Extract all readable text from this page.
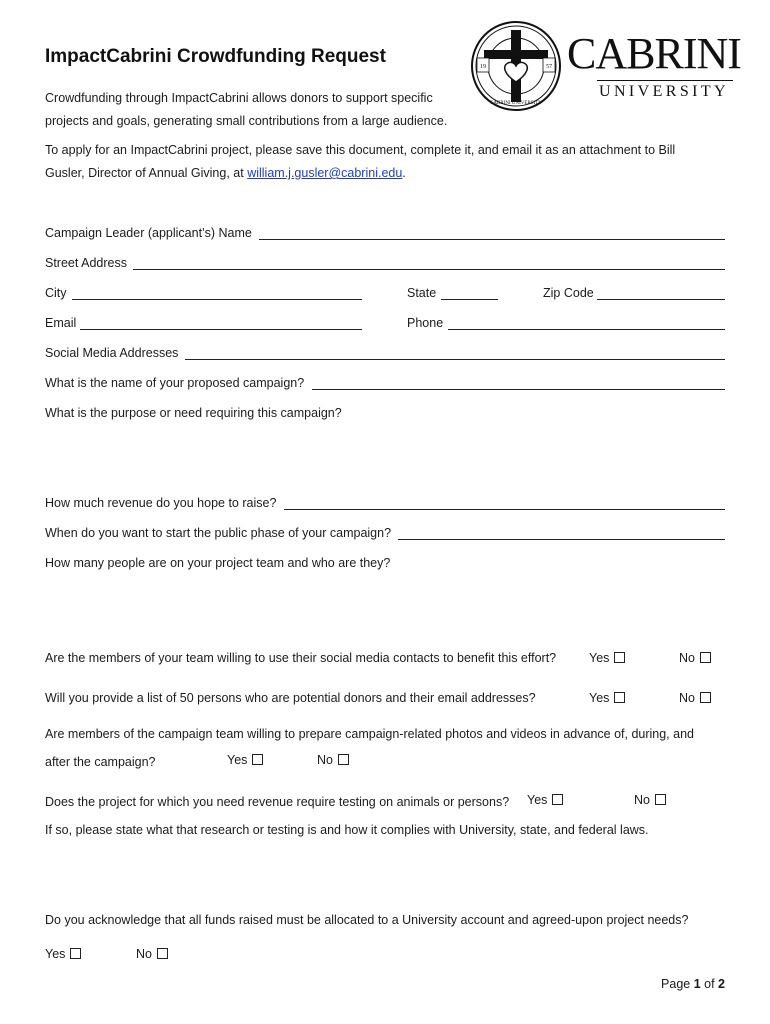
ImpactCabrini Crowdfunding Request	19	57
CABRINI UNIVERSITY
CABRINI
UNIVERSITY
Crowdfunding through ImpactCabrini allows donors to support specific
projects and goals, generating small contributions from a large audience.
To apply for an ImpactCabrini project, please save this document, complete it, and email it as an attachment to Bill
Gusler, Director of Annual Giving, at william.j.gusler@cabrini.edu.
Campaign Leader (applicant’s) Name
Street Address
City	State	Zip Code
Email	Phone
Social Media Addresses
What is the name of your proposed campaign?
What is the purpose or need requiring this campaign?
How much revenue do you hope to raise?
When do you want to start the public phase of your campaign?
How many people are on your project team and who are they?
Are the members of your team willing to use their social media contacts to benefit this effort?	Yes	No
Will you provide a list of 50 persons who are potential donors and their email addresses?	Yes	No
Are members of the campaign team willing to prepare campaign-related photos and videos in advance of, during, and
after the campaign?	Yes	No
Does the project for which you need revenue require testing on animals or persons? Yes	No
If so, please state what that research or testing is and how it complies with University, state, and federal laws.
Do you acknowledge that all funds raised must be allocated to a University account and agreed-upon project needs?
Yes	No
Page 1 of 2
